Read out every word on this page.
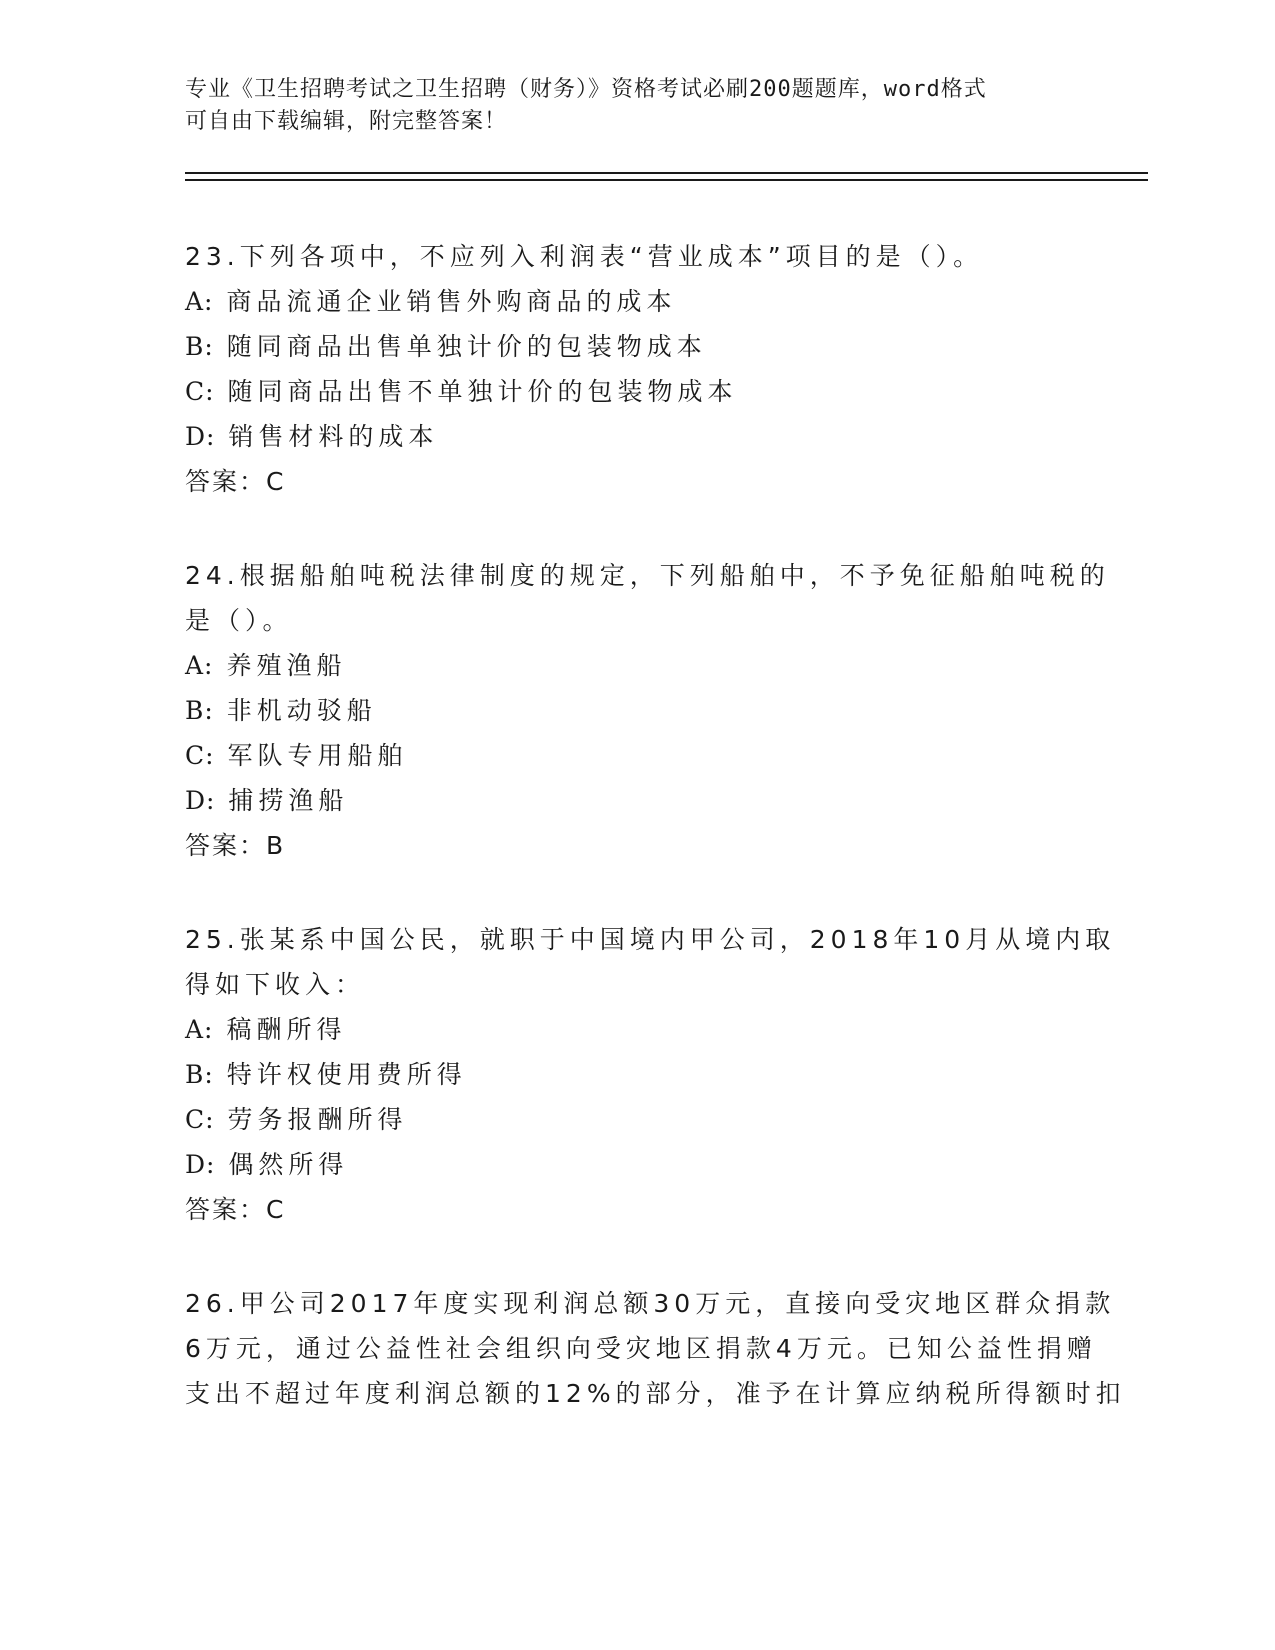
专业《卫生招聘考试之卫生招聘（财务）》资格考试必刷200题题库，word格式
可自由下载编辑，附完整答案！
23.下列各项中，不应列入利润表“营业成本”项目的是（）。
A: 商品流通企业销售外购商品的成本
B: 随同商品出售单独计价的包装物成本
C: 随同商品出售不单独计价的包装物成本
D: 销售材料的成本
答案：C
24.根据船舶吨税法律制度的规定，下列船舶中，不予免征船舶吨税的
是（）。
A: 养殖渔船
B: 非机动驳船
C: 军队专用船舶
D: 捕捞渔船
答案：B
25.张某系中国公民，就职于中国境内甲公司，2018年10月从境内取
得如下收入：
A: 稿酬所得
B: 特许权使用费所得
C: 劳务报酬所得
D: 偶然所得
答案：C
26.甲公司2017年度实现利润总额30万元，直接向受灾地区群众捐款
6万元，通过公益性社会组织向受灾地区捐款4万元。已知公益性捐赠
支出不超过年度利润总额的12%的部分，准予在计算应纳税所得额时扣
